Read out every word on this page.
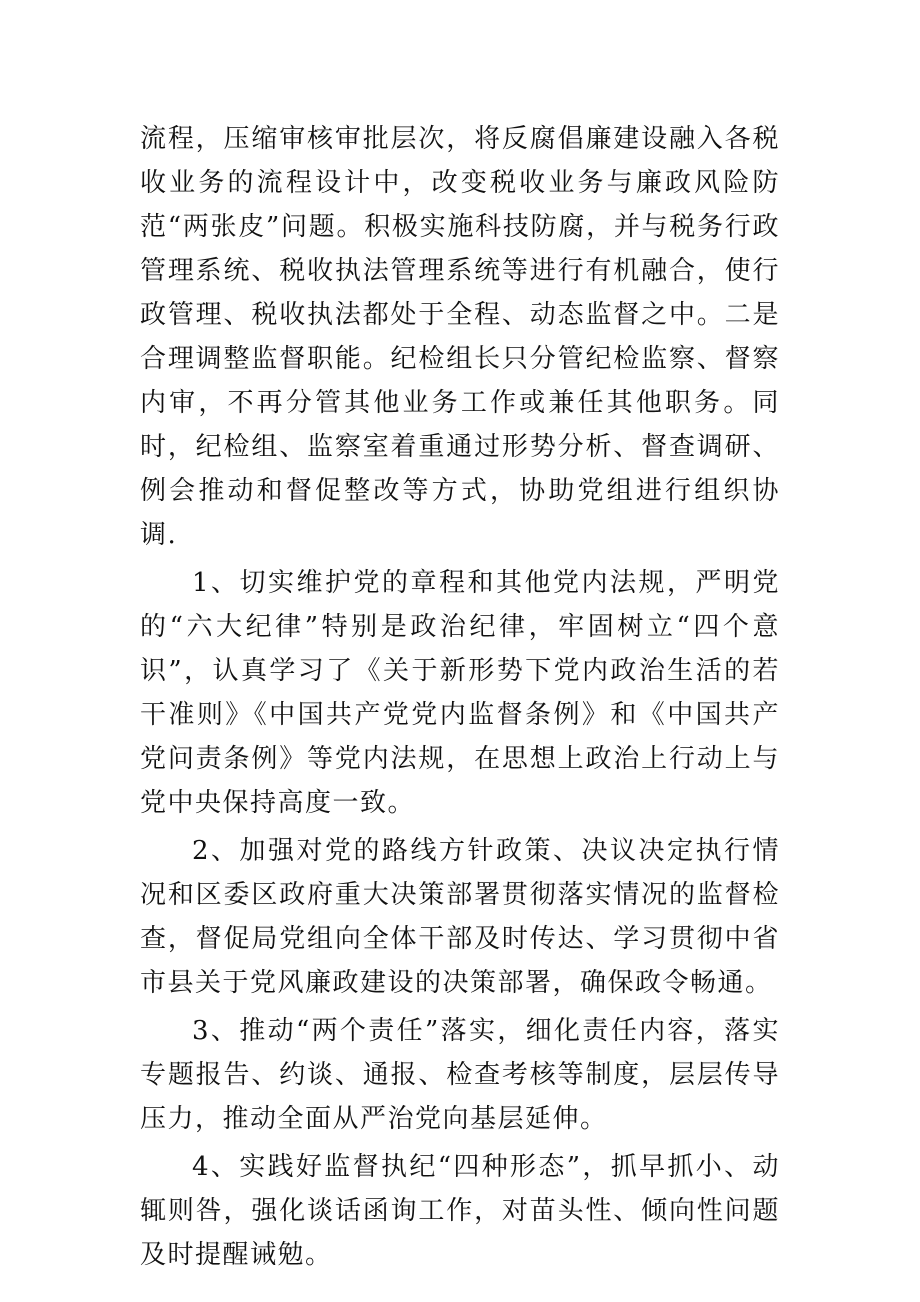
流程，压缩审核审批层次，将反腐倡廉建设融入各税收业务的流程设计中，改变税收业务与廉政风险防范“两张皮”问题。积极实施科技防腐，并与税务行政管理系统、税收执法管理系统等进行有机融合，使行政管理、税收执法都处于全程、动态监督之中。二是合理调整监督职能。纪检组长只分管纪检监察、督察内审，不再分管其他业务工作或兼任其他职务。同时，纪检组、监察室着重通过形势分析、督查调研、例会推动和督促整改等方式，协助党组进行组织协调.

1、切实维护党的章程和其他党内法规，严明党的“六大纪律”特别是政治纪律，牢固树立“四个意识”，认真学习了《关于新形势下党内政治生活的若干准则》《中国共产党党内监督条例》和《中国共产党问责条例》等党内法规，在思想上政治上行动上与党中央保持高度一致。

2、加强对党的路线方针政策、决议决定执行情况和区委区政府重大决策部署贯彻落实情况的监督检查，督促局党组向全体干部及时传达、学习贯彻中省市县关于党风廉政建设的决策部署，确保政令畅通。

3、推动“两个责任”落实，细化责任内容，落实专题报告、约谈、通报、检查考核等制度，层层传导压力，推动全面从严治党向基层延伸。

4、实践好监督执纪“四种形态”，抓早抓小、动辄则咎，强化谈话函询工作，对苗头性、倾向性问题及时提醒诫勉。
